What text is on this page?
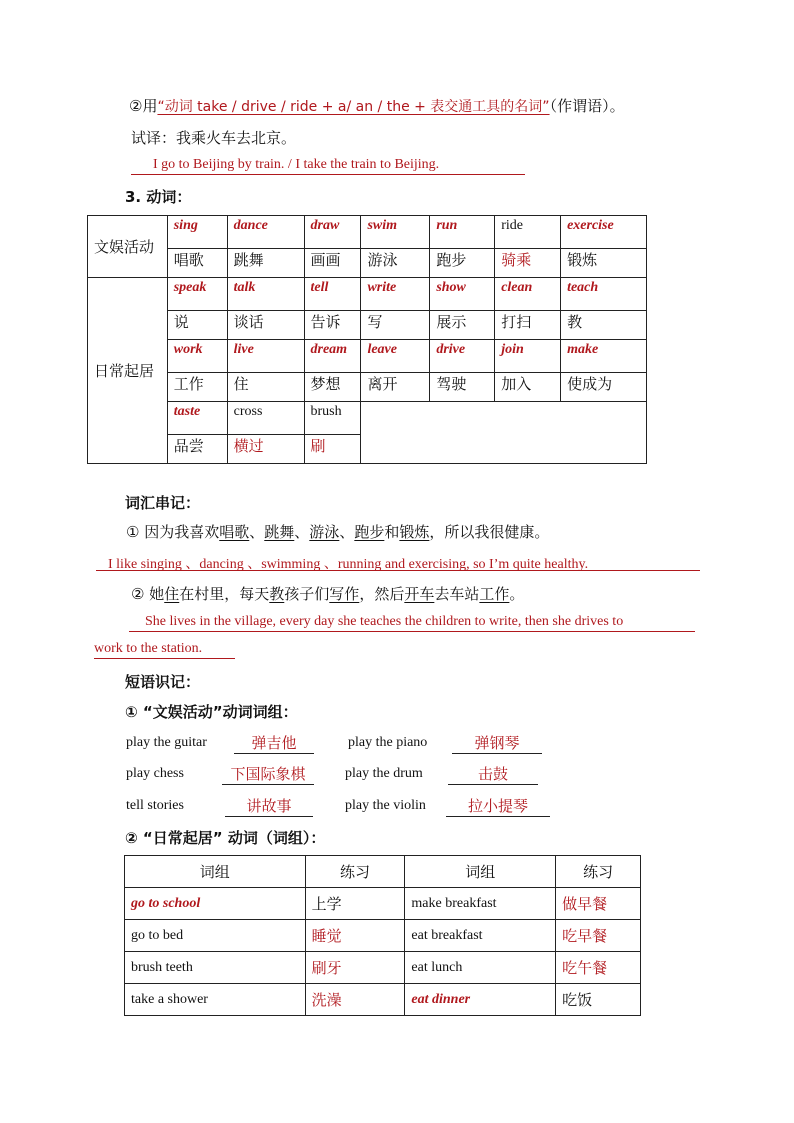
②用“动词 take / drive / ride + a/ an / the + 表交通工具的名词”（作谓语）。
试译：我乘火车去北京。
I go to Beijing by train. / I take the train to Beijing.
3. 动词：
文娱活动	sing	dance	draw	swim	run	ride	exercise
	唱歌	跳舞	画画	游泳	跑步	骑乘	锻炼
日常起居	speak	talk	tell	write	show	clean	teach
	说	谈话	告诉	写	展示	打扫	教
	work	live	dream	leave	drive	join	make
	工作	住	梦想	离开	驾驶	加入	使成为
	taste	cross	brush				
	品尝	横过	刷				
词汇串记：
① 因为我喜欢唱歌、跳舞、游泳、跑步和锻炼，所以我很健康。
I like singing 、dancing 、swimming 、running and exercising, so I’m quite healthy.
② 她住在村里，每天教孩子们写作，然后开车去车站工作。
She lives in the village, every day she teaches the children to write, then she drives to
work to the station.
短语识记：
① “文娱活动”动词词组：
play the guitar	弹吉他	play the piano	弹钢琴
play chess	下国际象棋	play the drum	击鼓
tell stories	讲故事	play the violin	拉小提琴
② “日常起居” 动词（词组）：
词组	练习	词组	练习
go to school	上学	make breakfast	做早餐
go to bed	睡觉	eat breakfast	吃早餐
brush teeth	刷牙	eat lunch	吃午餐
take a shower	洗澡	eat dinner	吃饭
